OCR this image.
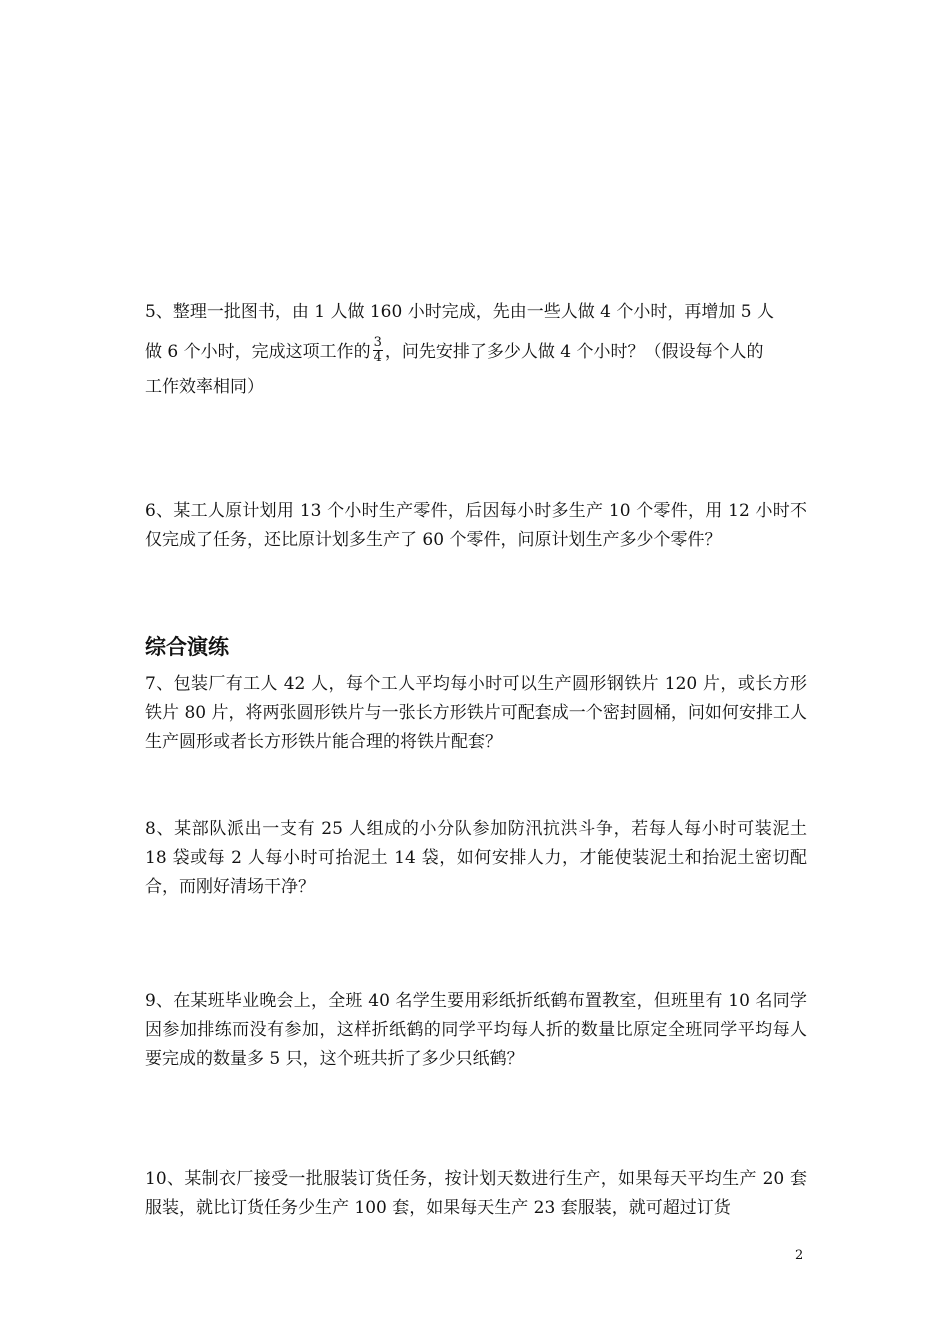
5、整理一批图书，由 1 人做 160 小时完成，先由一些人做 4 个小时，再增加 5 人

做 6 个小时，完成这项工作的 $\frac{3}{4}$ ，问先安排了多少人做 4 个小时？（假设每个人的

工作效率相同）

6、某工人原计划用 13 个小时生产零件，后因每小时多生产 10 个零件，用 12 小时不仅完成了任务，还比原计划多生产了 60 个零件，问原计划生产多少个零件？

综合演练

7、包装厂有工人 42 人，每个工人平均每小时可以生产圆形钢铁片 120 片，或长方形铁片 80 片，将两张圆形铁片与一张长方形铁片可配套成一个密封圆桶，问如何安排工人生产圆形或者长方形铁片能合理的将铁片配套？

8、某部队派出一支有 25 人组成的小分队参加防汛抗洪斗争，若每人每小时可装泥土 18 袋或每 2 人每小时可抬泥土 14 袋，如何安排人力，才能使装泥土和抬泥土密切配合，而刚好清场干净？

9、在某班毕业晚会上，全班 40 名学生要用彩纸折纸鹤布置教室，但班里有 10 名同学因参加排练而没有参加，这样折纸鹤的同学平均每人折的数量比原定全班同学平均每人要完成的数量多 5 只，这个班共折了多少只纸鹤？

10、某制衣厂接受一批服装订货任务，按计划天数进行生产，如果每天平均生产 20 套服装，就比订货任务少生产 100 套，如果每天生产 23 套服装，就可超过订货

2
